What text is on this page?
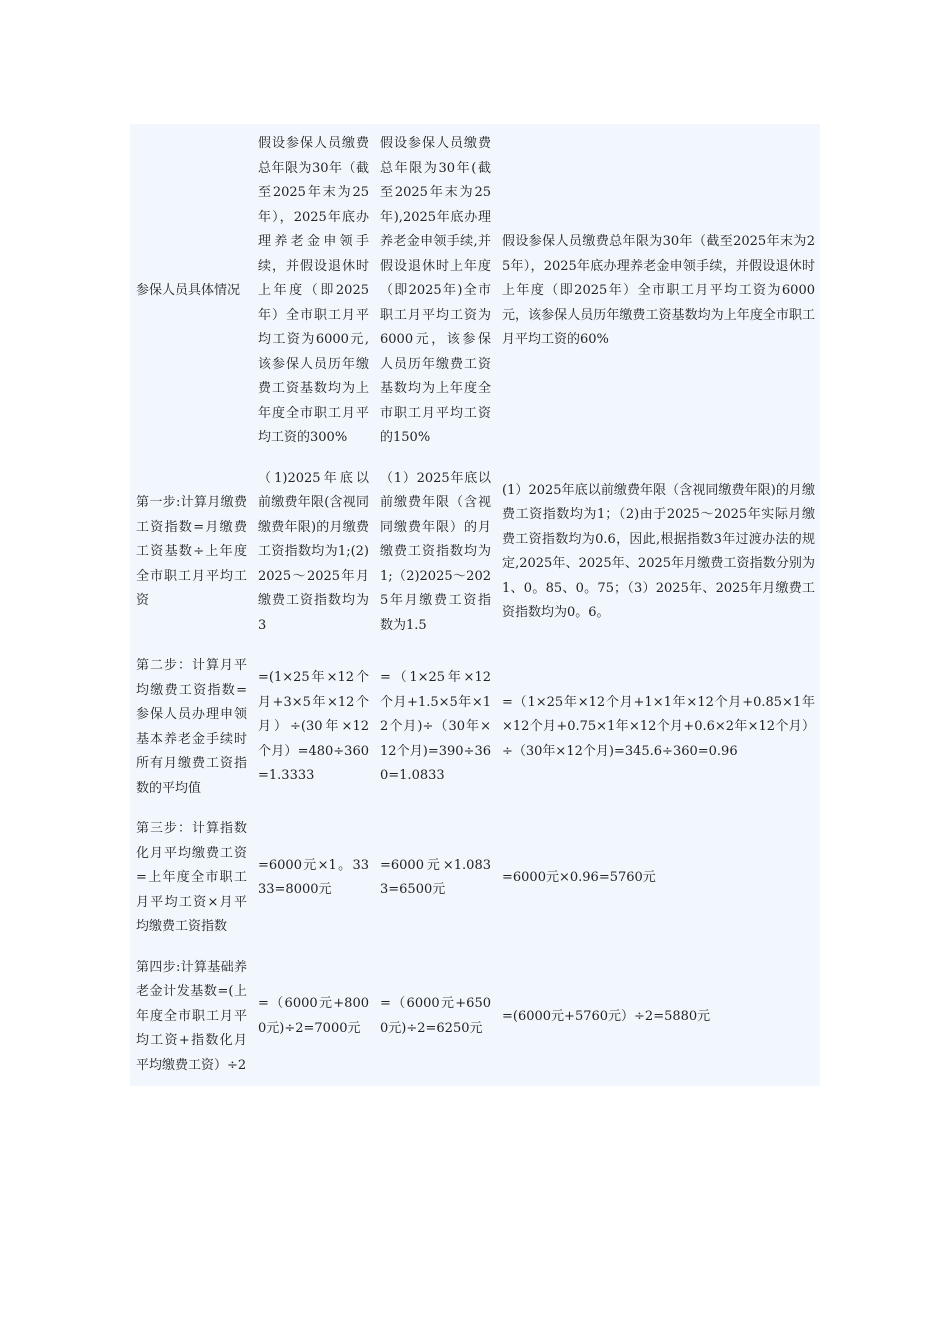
参保人员具体情况	假设参保人员缴费总年限为30年（截至2025年末为25年），2025年底办理养老金申领手续，并假设退休时上年度（即2025年）全市职工月平均工资为6000元,该参保人员历年缴费工资基数均为上年度全市职工月平均工资的300%	假设参保人员缴费总年限为30年(截至2025年末为25年),2025年底办理养老金申领手续,并假设退休时上年度（即2025年)全市职工月平均工资为6000元，该参保人员历年缴费工资基数均为上年度全市职工月平均工资的150%	假设参保人员缴费总年限为30年（截至2025年末为25年），2025年底办理养老金申领手续，并假设退休时上年度（即2025年）全市职工月平均工资为6000元，该参保人员历年缴费工资基数均为上年度全市职工月平均工资的60%
第一步:计算月缴费工资指数=月缴费工资基数÷上年度全市职工月平均工资	（1)2025年底以前缴费年限(含视同缴费年限)的月缴费工资指数均为1;(2)2025～2025年月缴费工资指数均为3	（1）2025年底以前缴费年限（含视同缴费年限）的月缴费工资指数均为1;（2)2025～2025年月缴费工资指数为1.5	(1）2025年底以前缴费年限（含视同缴费年限)的月缴费工资指数均为1；（2)由于2025～2025年实际月缴费工资指数均为0.6，因此,根据指数3年过渡办法的规定,2025年、2025年、2025年月缴费工资指数分别为1、0。85、0。75；（3）2025年、2025年月缴费工资指数均为0。6。
第二步：计算月平均缴费工资指数=参保人员办理申领基本养老金手续时所有月缴费工资指数的平均值	=(1×25年×12个月+3×5年×12个月）÷(30年×12个月）=480÷360=1.3333	=（1×25年×12个月+1.5×5年×12个月)÷（30年×12个月)=390÷360=1.0833	=（1×25年×12个月+1×1年×12个月+0.85×1年×12个月+0.75×1年×12个月+0.6×2年×12个月）÷（30年×12个月)=345.6÷360=0.96
第三步：计算指数化月平均缴费工资=上年度全市职工月平均工资×月平均缴费工资指数	=6000元×1。3333=8000元	=6000元×1.0833=6500元	=6000元×0.96=5760元
第四步:计算基础养老金计发基数=(上年度全市职工月平均工资+指数化月平均缴费工资）÷2	=（6000元+8000元)÷2=7000元	=（6000元+6500元)÷2=6250元	=(6000元+5760元）÷2=5880元
